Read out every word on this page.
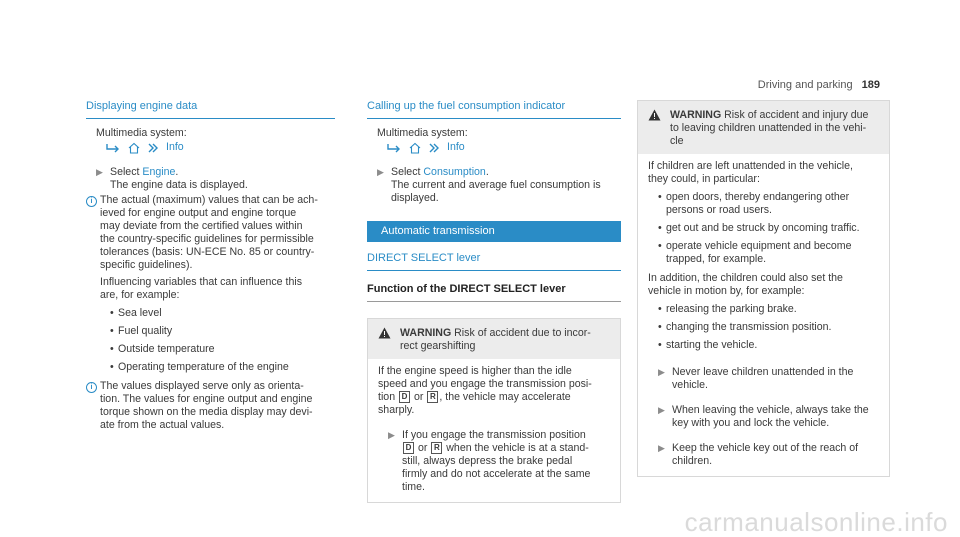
Driving and parking 189
Displaying engine data

Multimedia system:

Info
▶ Select Engine.

The engine data is displayed.

i The actual (maximum) values that can be ach-

ieved for engine output and engine torque

may deviate from the certified values within

the country-specific guidelines for permissible

tolerances (basis: UN-ECE No. 85 or country-

specific guidelines).

Influencing variables that can influence this

are, for example:

•
Sea level
•
Fuel quality
•
Outside temperature
•
Operating temperature of the engine
i The values displayed serve only as orienta-

tion. The values for engine output and engine

torque shown on the media display may devi-

ate from the actual values.

Calling up the fuel consumption indicator

Multimedia system:

Info
▶ Select Consumption.

The current and average fuel consumption is

displayed.

Automatic transmission
DIRECT SELECT lever
Function of the DIRECT SELECT lever

WARNING Risk of accident due to incor-

rect gearshifting

If the engine speed is higher than the idle

speed and you engage the transmission posi-

tion D or R , the vehicle may accelerate

sharply.

▶ If you engage the transmission position

D or R when the vehicle is at a stand-

still, always depress the brake pedal

firmly and do not accelerate at the same

time.

WARNING Risk of accident and injury due

to leaving children unattended in the vehi-

cle

If children are left unattended in the vehicle,

they could, in particular:

•
open doors, thereby endangering other
persons or road users.
•
get out and be struck by oncoming traffic.
•
operate vehicle equipment and become
trapped, for example.

In addition, the children could also set the

vehicle in motion by, for example:

•
releasing the parking brake.
•
changing the transmission position.
•
starting the vehicle.
▶ Never leave children unattended in the

vehicle.

▶ When leaving the vehicle, always take the

key with you and lock the vehicle.

▶ Keep the vehicle key out of the reach of

children.

carmanualsonline.info
